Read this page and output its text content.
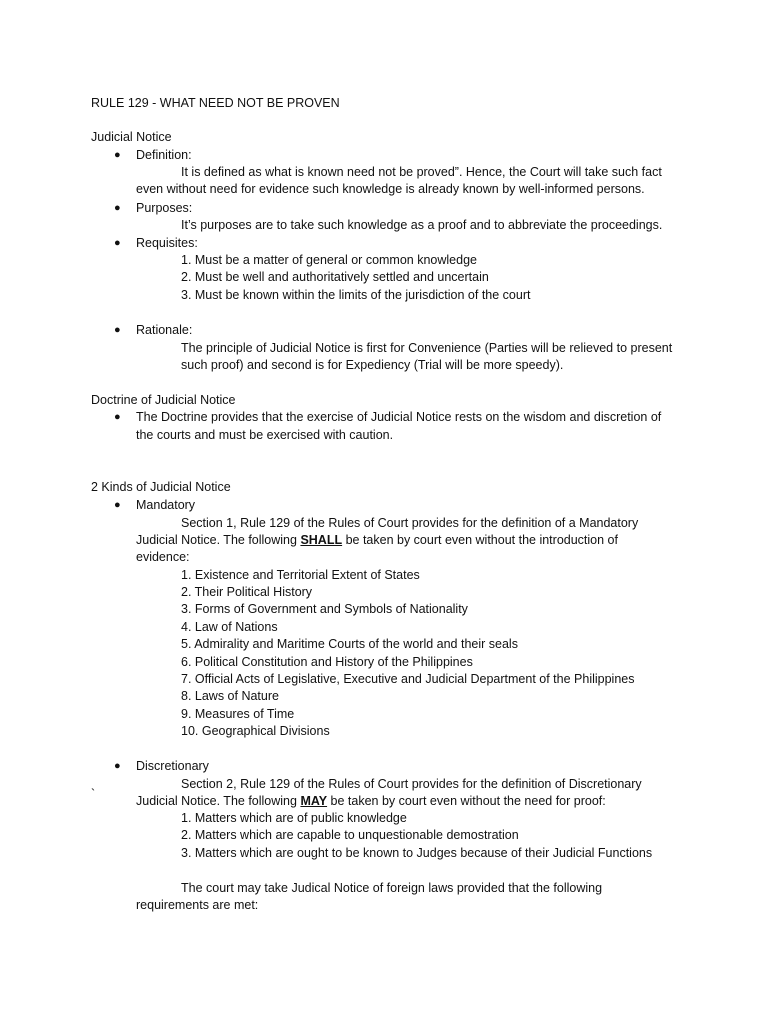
RULE 129 - WHAT NEED NOT BE PROVEN
Judicial Notice
● Definition:
It is defined as what is known need not be proved”. Hence, the Court will take such fact
even without need for evidence such knowledge is already known by well-informed persons.
● Purposes:
It’s purposes are to take such knowledge as a proof and to abbreviate the proceedings.
● Requisites:
1. Must be a matter of general or common knowledge
2. Must be well and authoritatively settled and uncertain
3. Must be known within the limits of the jurisdiction of the court
● Rationale:
The principle of Judicial Notice is first for Convenience (Parties will be relieved to present
such proof) and second is for Expediency (Trial will be more speedy).
Doctrine of Judicial Notice
● The Doctrine provides that the exercise of Judicial Notice rests on the wisdom and discretion of
the courts and must be exercised with caution.
2 Kinds of Judicial Notice
● Mandatory
Section 1, Rule 129 of the Rules of Court provides for the definition of a Mandatory
Judicial Notice. The following SHALL be taken by court even without the introduction of
evidence:
1. Existence and Territorial Extent of States
2. Their Political History
3. Forms of Government and Symbols of Nationality
4. Law of Nations
5. Admirality and Maritime Courts of the world and their seals
6. Political Constitution and History of the Philippines
7. Official Acts of Legislative, Executive and Judicial Department of the Philippines
8. Laws of Nature
9. Measures of Time
10. Geographical Divisions
● Discretionary
Section 2, Rule 129 of the Rules of Court provides for the definition of Discretionary
`	Judicial Notice. The following MAY be taken by court even without the need for proof:
1. Matters which are of public knowledge
2. Matters which are capable to unquestionable demostration
3. Matters which are ought to be known to Judges because of their Judicial Functions
The court may take Judical Notice of foreign laws provided that the following
requirements are met:
